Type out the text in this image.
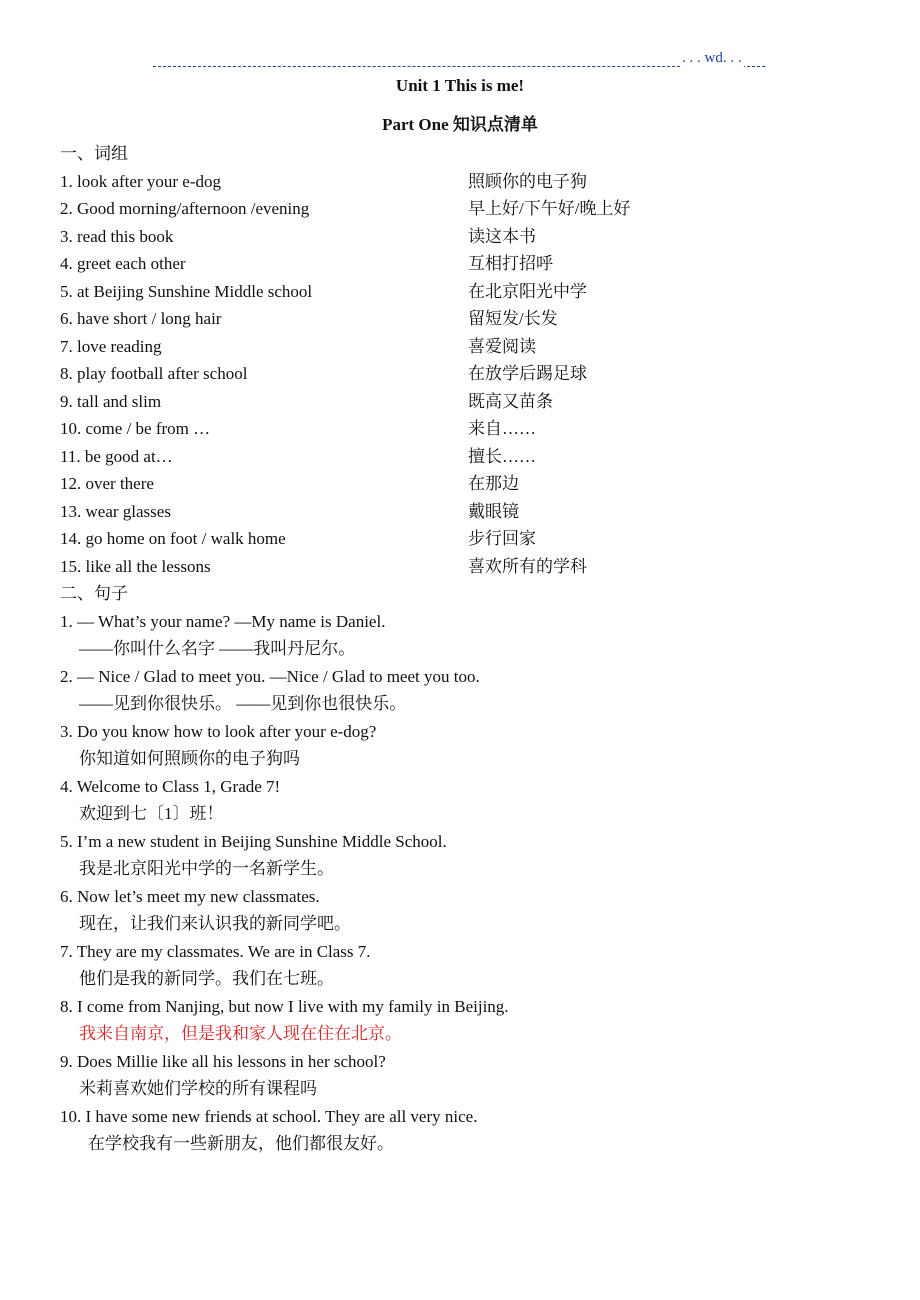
. . . wd. . .
Unit 1 This is me!
Part One 知识点清单
一、词组
1. look after your e-dog	照顾你的电子狗
2. Good morning/afternoon /evening	早上好/下午好/晚上好
3. read this book	读这本书
4. greet each other	互相打招呼
5. at Beijing Sunshine Middle school	在北京阳光中学
6. have short / long hair	留短发/长发
7. love reading	喜爱阅读
8. play football after school	在放学后踢足球
9. tall and slim	既高又苗条
10. come / be from …	来自……
11. be good at…	擅长……
12. over there	在那边
13. wear glasses	戴眼镜
14. go home on foot / walk home	步行回家
15. like all the lessons	喜欢所有的学科
二、句子
1. — What’s your name? —My name is Daniel.
——你叫什么名字 ——我叫丹尼尔。
2. — Nice / Glad to meet you. —Nice / Glad to meet you too.
——见到你很快乐。 ——见到你也很快乐。
3. Do you know how to look after your e-dog?
你知道如何照顾你的电子狗吗
4. Welcome to Class 1, Grade 7!
欢迎到七〔1〕班！
5. I’m a new student in Beijing Sunshine Middle School.
我是北京阳光中学的一名新学生。
6. Now let’s meet my new classmates.
现在，让我们来认识我的新同学吧。
7. They are my classmates. We are in Class 7.
他们是我的新同学。我们在七班。
8. I come from Nanjing, but now I live with my family in Beijing.
我来自南京，但是我和家人现在住在北京。
9. Does Millie like all his lessons in her school?
米莉喜欢她们学校的所有课程吗
10. I have some new friends at school. They are all very nice.
在学校我有一些新朋友，他们都很友好。
